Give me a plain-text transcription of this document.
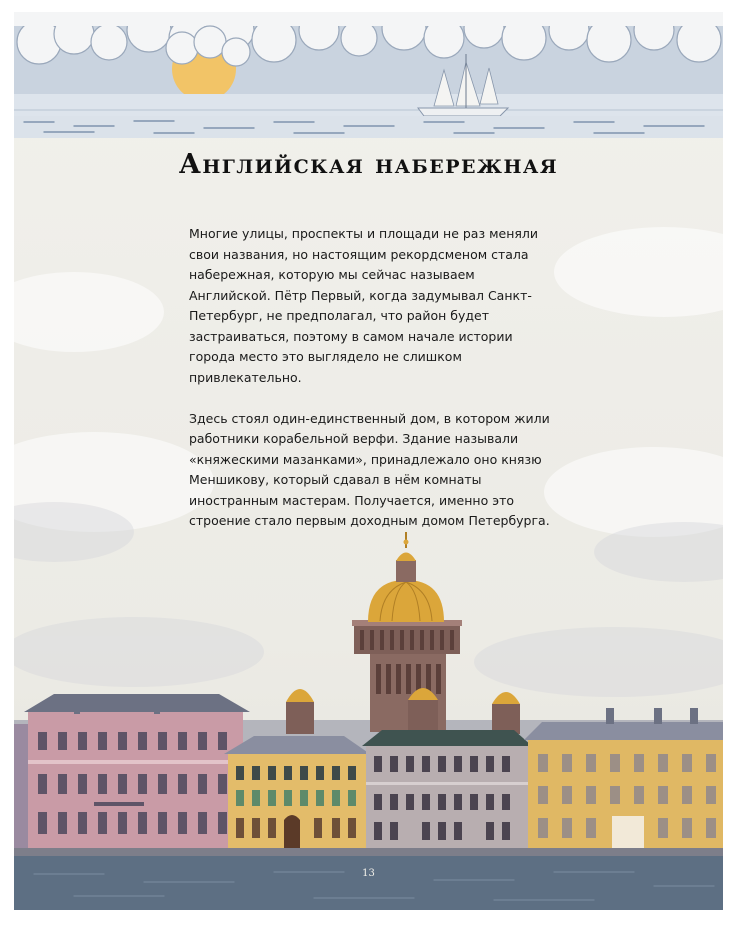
Английская набережная

Многие улицы, проспекты и площади не раз меняли свои названия, но настоящим рекордсменом стала набережная, которую мы сейчас называем Английской. Пётр Первый, когда задумывал Санкт-Петербург, не предполагал, что район будет застраиваться, поэтому в самом начале истории города место это выглядело не слишком привлекательно.

Здесь стоял один-единственный дом, в котором жили работники корабельной верфи. Здание называли «княжескими мазанками», принадлежало оно князю Меншикову, который сдавал в нём комнаты иностранным мастерам. Получается, именно это строение стало первым доходным домом Петербурга.

13
